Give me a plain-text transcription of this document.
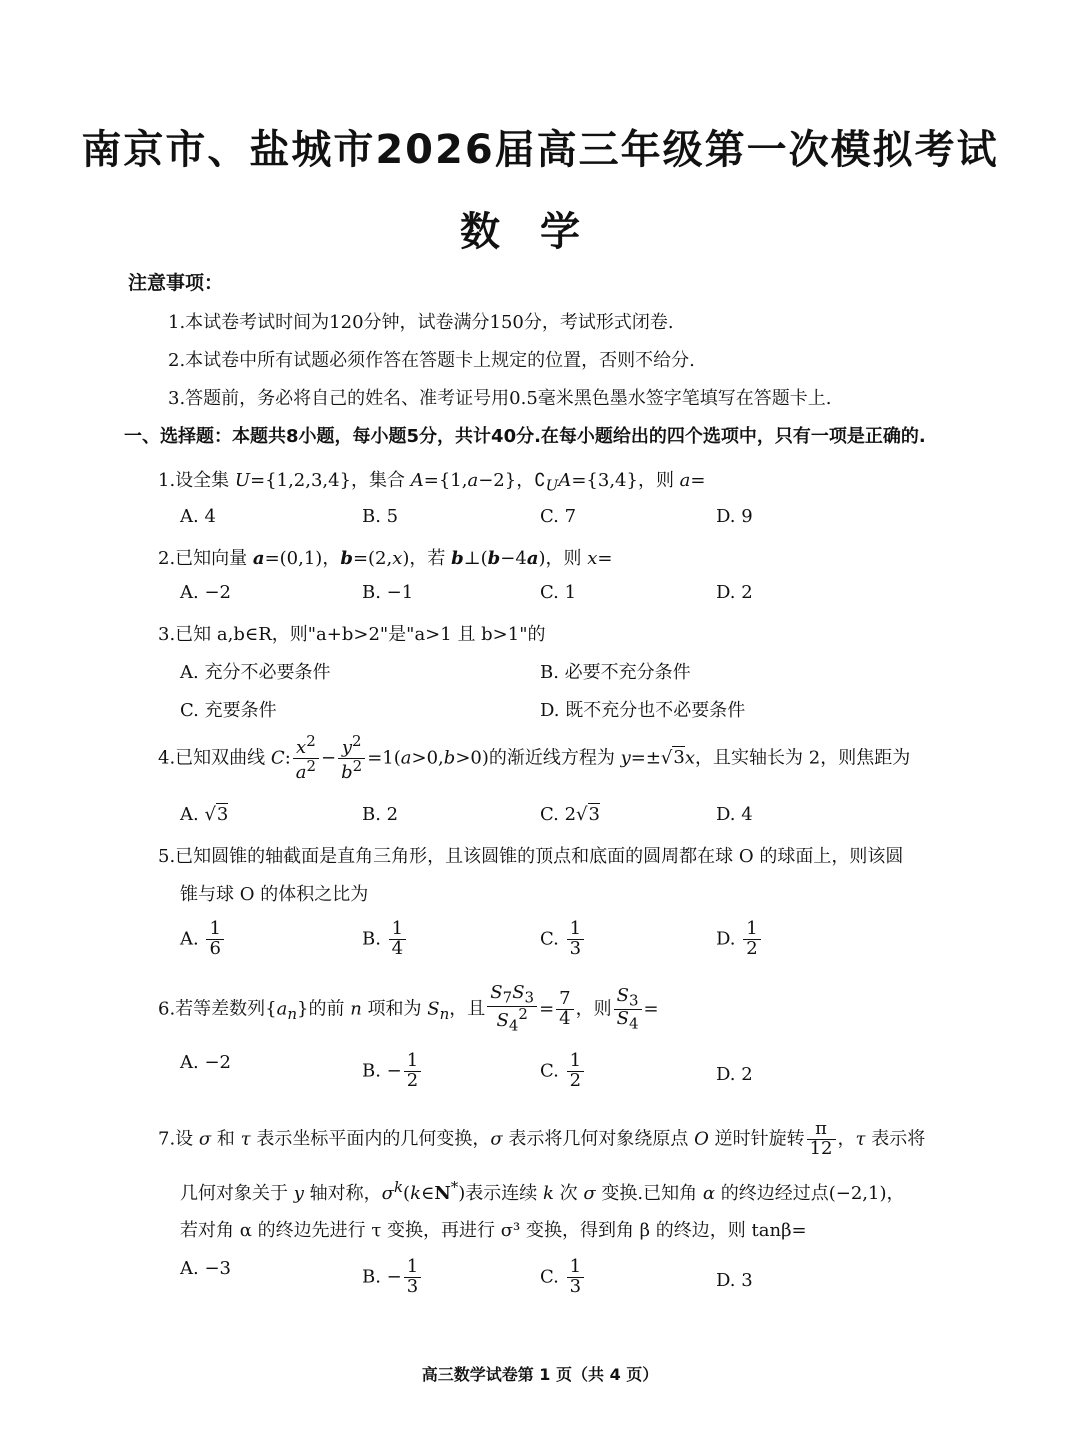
南京市、盐城市2026届高三年级第一次模拟考试
数学
注意事项：
1.本试卷考试时间为120分钟，试卷满分150分，考试形式闭卷.
2.本试卷中所有试题必须作答在答题卡上规定的位置，否则不给分.
3.答题前，务必将自己的姓名、准考证号用0.5毫米黑色墨水签字笔填写在答题卡上.
一、选择题：本题共8小题，每小题5分，共计40分.在每小题给出的四个选项中，只有一项是正确的.
1.设全集 U={1,2,3,4}，集合 A={1,a−2}，$∁_UA=\{3,4\}$，则 a=
A. 4	B. 5	C. 7	D. 9
2.已知向量 a=(0,1)，b=(2,x)，若 b⊥(b−4a)，则 x=
A. −2	B. −1	C. 1	D. 2
3.已知 a,b∈R，则"a+b>2"是"a>1 且 b>1"的
A. 充分不必要条件	B. 必要不充分条件
C. 充要条件	D. 既不充分也不必要条件
4.已知双曲线 C: $\frac{x^2}{a^2} - \frac{y^2}{b^2} =1(a>0,b>0)$的渐近线方程为 y=±√3x，且实轴长为 2，则焦距为
A. √3	B. 2	C. 2√3	D. 4
5.已知圆锥的轴截面是直角三角形，且该圆锥的顶点和底面的圆周都在球 O 的球面上，则该圆
锥与球 O 的体积之比为
A. $\frac{1}{6}$	B. $\frac{1}{4}$	C. $\frac{1}{3}$	D. $\frac{1}{2}$
6.若等差数列$\{a_n\}$的前 n 项和为 $S_n$，且 $\frac{S_7S_3}{S_4^2} = \frac{7}{4}$ ，则 $\frac{S_3}{S_4}$ =
A. −2	B. − $\frac{1}{2}$	C. $\frac{1}{2}$	D. 2
7.设 σ 和 τ 表示坐标平面内的几何变换，σ 表示将几何对象绕原点 O 逆时针旋转 $\frac{\pi}{12}$ ，τ 表示将
几何对象关于 y 轴对称，$\sigma^k(k\in N^*)$表示连续 k 次 σ 变换.已知角 α 的终边经过点(−2,1)，
若对角 α 的终边先进行 τ 变换，再进行 σ³ 变换，得到角 β 的终边，则 tanβ=
A. −3	B. − $\frac{1}{3}$	C. $\frac{1}{3}$	D. 3
高三数学试卷第 1 页（共 4 页）
